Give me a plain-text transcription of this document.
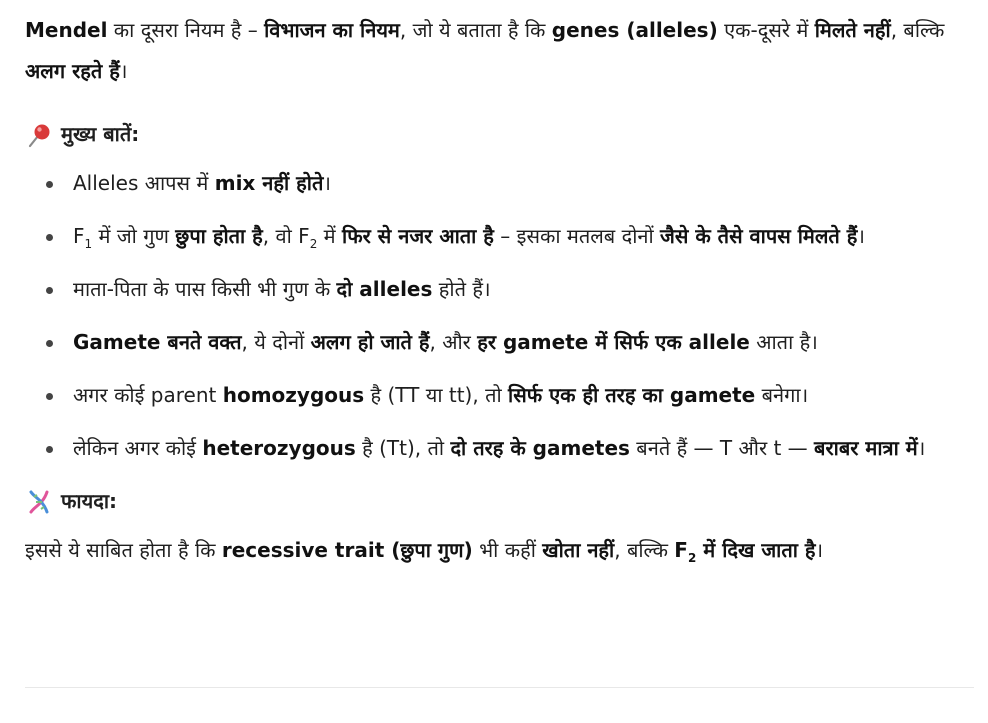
Mendel का दूसरा नियम है – विभाजन का नियम, जो ये बताता है कि genes (alleles) एक-दूसरे में मिलते नहीं, बल्कि अलग रहते हैं।

मुख्य बातें:
Alleles आपस में mix नहीं होते।
$F_1$ में जो गुण छुपा होता है, वो $F_2$ में फिर से नजर आता है – इसका मतलब दोनों जैसे के तैसे वापस मिलते हैं।
माता-पिता के पास किसी भी गुण के दो alleles होते हैं।
Gamete बनते वक्त, ये दोनों अलग हो जाते हैं, और हर gamete में सिर्फ एक allele आता है।
अगर कोई parent homozygous है (TT या tt), तो सिर्फ एक ही तरह का gamete बनेगा।
लेकिन अगर कोई heterozygous है (Tt), तो दो तरह के gametes बनते हैं — T और t — बराबर मात्रा में।
फायदा:

इससे ये साबित होता है कि recessive trait (छुपा गुण) भी कहीं खोता नहीं, बल्कि $F_2$ में दिख जाता है।
